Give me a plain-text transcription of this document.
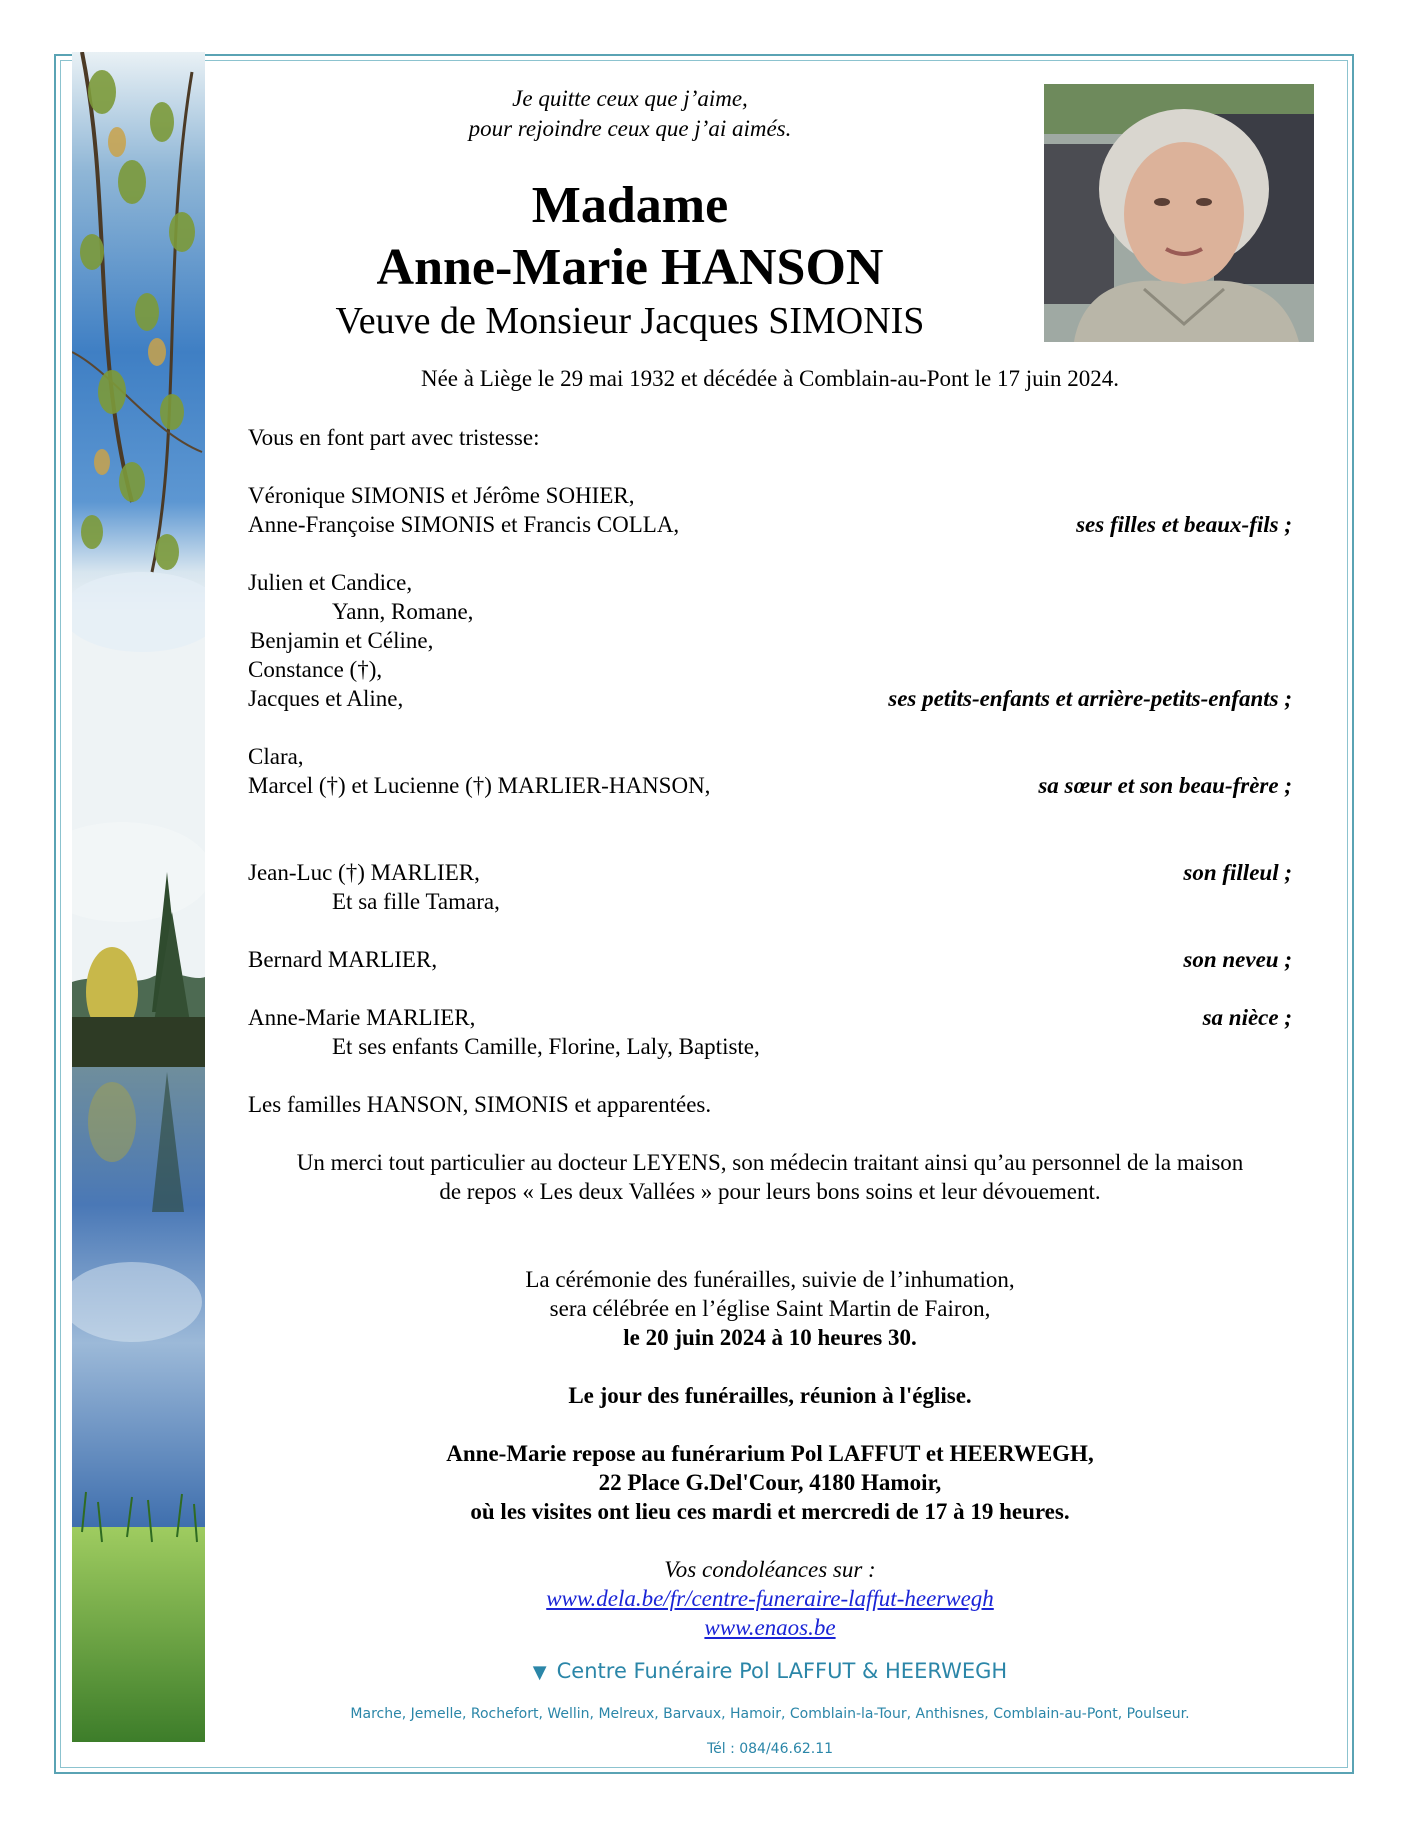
Je quitte ceux que j’aime,
pour rejoindre ceux que j’ai aimés.
Madame
Anne-Marie HANSON
Veuve de Monsieur Jacques SIMONIS
Née à Liège le 29 mai 1932 et décédée à Comblain-au-Pont le 17 juin 2024.
Vous en font part avec tristesse:
Véronique SIMONIS et Jérôme SOHIER,
Anne-Françoise SIMONIS et Francis COLLA,	ses filles et beaux-fils ;
Julien et Candice,
Yann, Romane,
Benjamin et Céline,
Constance (†),
Jacques et Aline,	ses petits-enfants et arrière-petits-enfants ;
Clara,
Marcel (†) et Lucienne (†) MARLIER-HANSON,	sa sœur et son beau-frère ;
Jean-Luc (†) MARLIER,	son filleul ;
Et sa fille Tamara,
Bernard MARLIER,	son neveu ;
Anne-Marie MARLIER,	sa nièce ;
Et ses enfants Camille, Florine, Laly, Baptiste,
Les familles HANSON, SIMONIS et apparentées.
Un merci tout particulier au docteur LEYENS, son médecin traitant ainsi qu’au personnel de la maison
de repos « Les deux Vallées » pour leurs bons soins et leur dévouement.
La cérémonie des funérailles, suivie de l’inhumation,
sera célébrée en l’église Saint Martin de Fairon,
le 20 juin 2024 à 10 heures 30.
Le jour des funérailles, réunion à l'église.
Anne-Marie repose au funérarium Pol LAFFUT et HEERWEGH,
22 Place G.Del'Cour, 4180 Hamoir,
où les visites ont lieu ces mardi et mercredi de 17 à 19 heures.
Vos condoléances sur :
www.dela.be/fr/centre-funeraire-laffut-heerwegh
www.enaos.be
▼ Centre Funéraire Pol LAFFUT & HEERWEGH
Marche, Jemelle, Rochefort, Wellin, Melreux, Barvaux, Hamoir, Comblain-la-Tour, Anthisnes, Comblain-au-Pont, Poulseur.
Tél : 084/46.62.11
